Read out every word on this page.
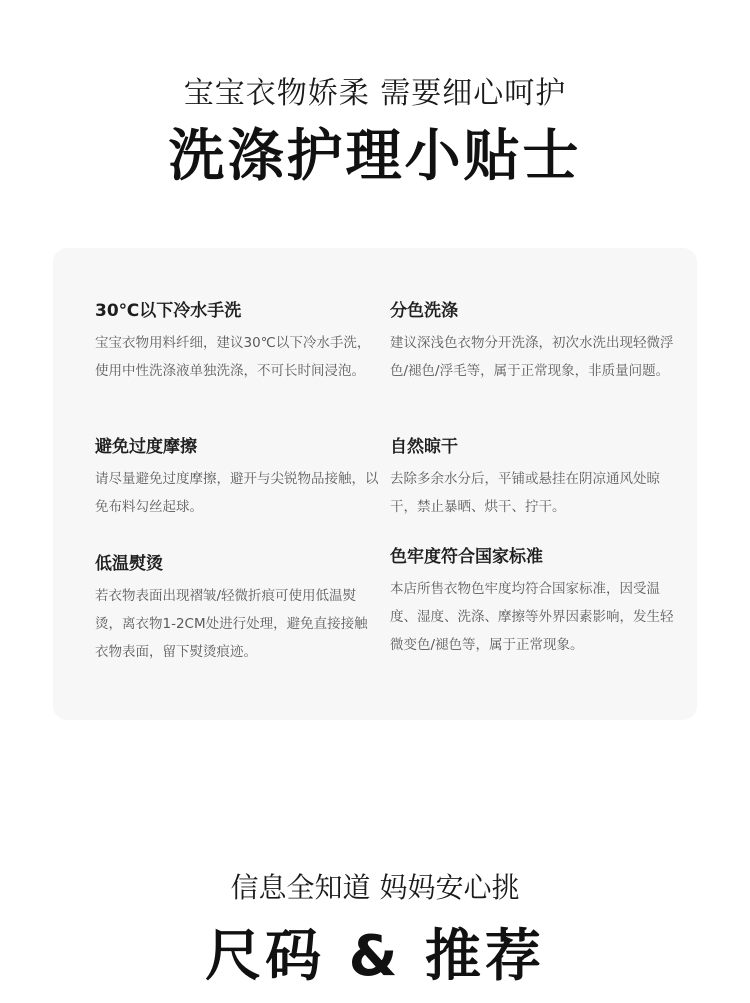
宝宝衣物娇柔 需要细心呵护
洗涤护理小贴士
30℃以下冷水手洗
宝宝衣物用料纤细，建议30℃以下冷水手洗，使用中性洗涤液单独洗涤，不可长时间浸泡。
分色洗涤
建议深浅色衣物分开洗涤，初次水洗出现轻微浮色/褪色/浮毛等，属于正常现象，非质量问题。
避免过度摩擦
请尽量避免过度摩擦，避开与尖锐物品接触，以免布料勾丝起球。
自然晾干
去除多余水分后，平铺或悬挂在阴凉通风处晾干，禁止暴晒、烘干、拧干。
低温熨烫
若衣物表面出现褶皱/轻微折痕可使用低温熨烫，离衣物1-2CM处进行处理，避免直接接触衣物表面，留下熨烫痕迹。
色牢度符合国家标准
本店所售衣物色牢度均符合国家标准，因受温度、湿度、洗涤、摩擦等外界因素影响，发生轻微变色/褪色等，属于正常现象。
信息全知道 妈妈安心挑
尺码 & 推荐
